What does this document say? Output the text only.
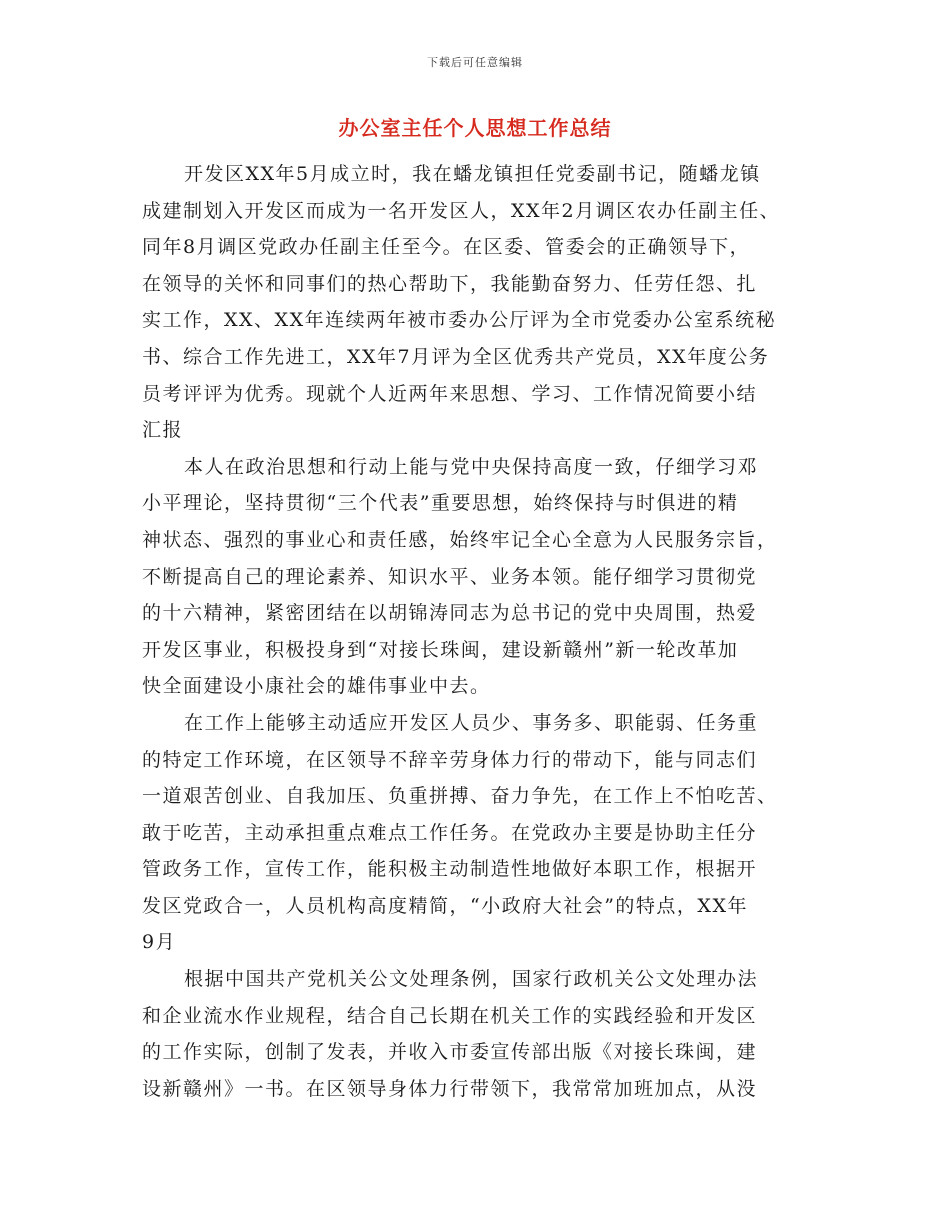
下载后可任意编辑
办公室主任个人思想工作总结
开发区XX年5月成立时，我在蟠龙镇担任党委副书记，随蟠龙镇
成建制划入开发区而成为一名开发区人，XX年2月调区农办任副主任、
同年8月调区党政办任副主任至今。在区委、管委会的正确领导下，
在领导的关怀和同事们的热心帮助下，我能勤奋努力、任劳任怨、扎
实工作，XX、XX年连续两年被市委办公厅评为全市党委办公室系统秘
书、综合工作先进工，XX年7月评为全区优秀共产党员，XX年度公务
员考评评为优秀。现就个人近两年来思想、学习、工作情况简要小结
汇报
本人在政治思想和行动上能与党中央保持高度一致，仔细学习邓
小平理论，坚持贯彻“三个代表”重要思想，始终保持与时俱进的精
神状态、强烈的事业心和责任感，始终牢记全心全意为人民服务宗旨，
不断提高自己的理论素养、知识水平、业务本领。能仔细学习贯彻党
的十六精神，紧密团结在以胡锦涛同志为总书记的党中央周围，热爱
开发区事业，积极投身到“对接长珠闽，建设新赣州”新一轮改革加
快全面建设小康社会的雄伟事业中去。
在工作上能够主动适应开发区人员少、事务多、职能弱、任务重
的特定工作环境，在区领导不辞辛劳身体力行的带动下，能与同志们
一道艰苦创业、自我加压、负重拼搏、奋力争先，在工作上不怕吃苦、
敢于吃苦，主动承担重点难点工作任务。在党政办主要是协助主任分
管政务工作，宣传工作，能积极主动制造性地做好本职工作，根据开
发区党政合一，人员机构高度精简，“小政府大社会”的特点，XX年
9月
根据中国共产党机关公文处理条例，国家行政机关公文处理办法
和企业流水作业规程，结合自己长期在机关工作的实践经验和开发区
的工作实际，创制了发表，并收入市委宣传部出版《对接长珠闽，建
设新赣州》一书。在区领导身体力行带领下，我常常加班加点，从没
